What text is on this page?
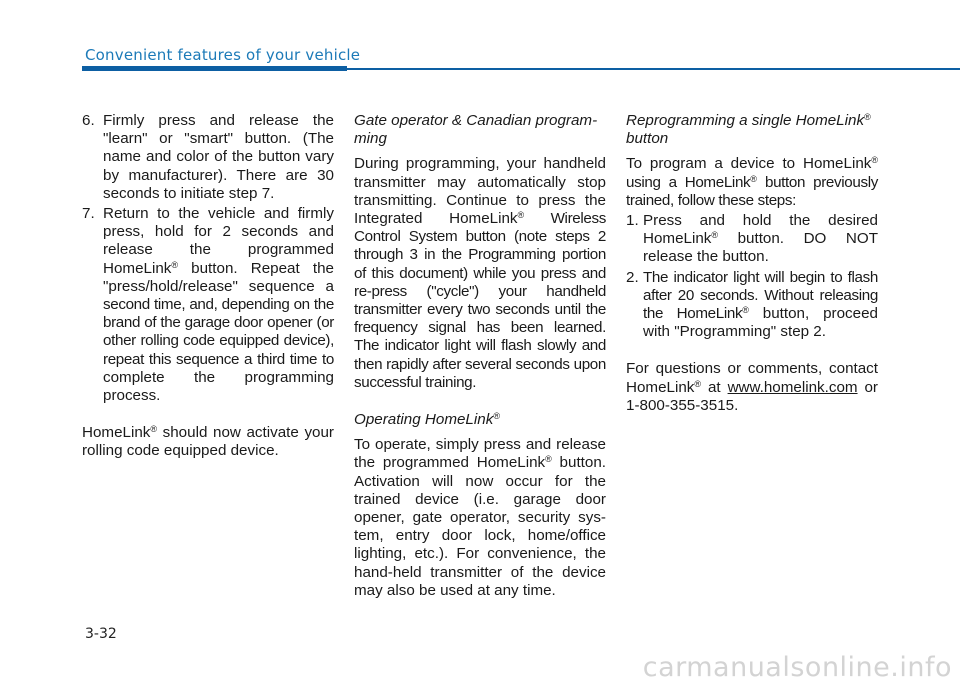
Convenient features of your vehicle
6. Firmly press and release the "learn" or "smart" button. (The name and color of the button vary by manufacturer). There are 30 seconds to initiate step 7.
7. Return to the vehicle and firmly press, hold for 2 seconds and release the programmed HomeLink® button. Repeat the "press/hold/release" sequence a second time, and, depending on the brand of the garage door opener (or other rolling code equipped device), repeat this sequence a third time to complete the programming process.

HomeLink® should now activate your rolling code equipped device.

Gate operator & Canadian program-ming

During programming, your handheld transmitter may automatically stop transmitting. Continue to press the Integrated HomeLink® Wireless Control System button (note steps 2 through 3 in the Programming portion of this document) while you press and re-press ("cycle") your handheld transmitter every two seconds until the frequency signal has been learned. The indicator light will flash slowly and then rapidly after several seconds upon successful training.

Operating HomeLink®

To operate, simply press and release the programmed HomeLink® button. Activation will now occur for the trained device (i.e. garage door opener, gate operator, security sys-tem, entry door lock, home/office lighting, etc.). For convenience, the hand-held transmitter of the device may also be used at any time.

Reprogramming a single HomeLink®
button

To program a device to HomeLink® using a HomeLink® button previously trained, follow these steps:

1. Press and hold the desired HomeLink® button. DO NOT release the button.
2. The indicator light will begin to flash after 20 seconds. Without releasing the HomeLink® button, proceed with "Programming" step 2.

For questions or comments, contact HomeLink® at www.homelink.com or 1-800-355-3515.

3-32
carmanualsonline.info
